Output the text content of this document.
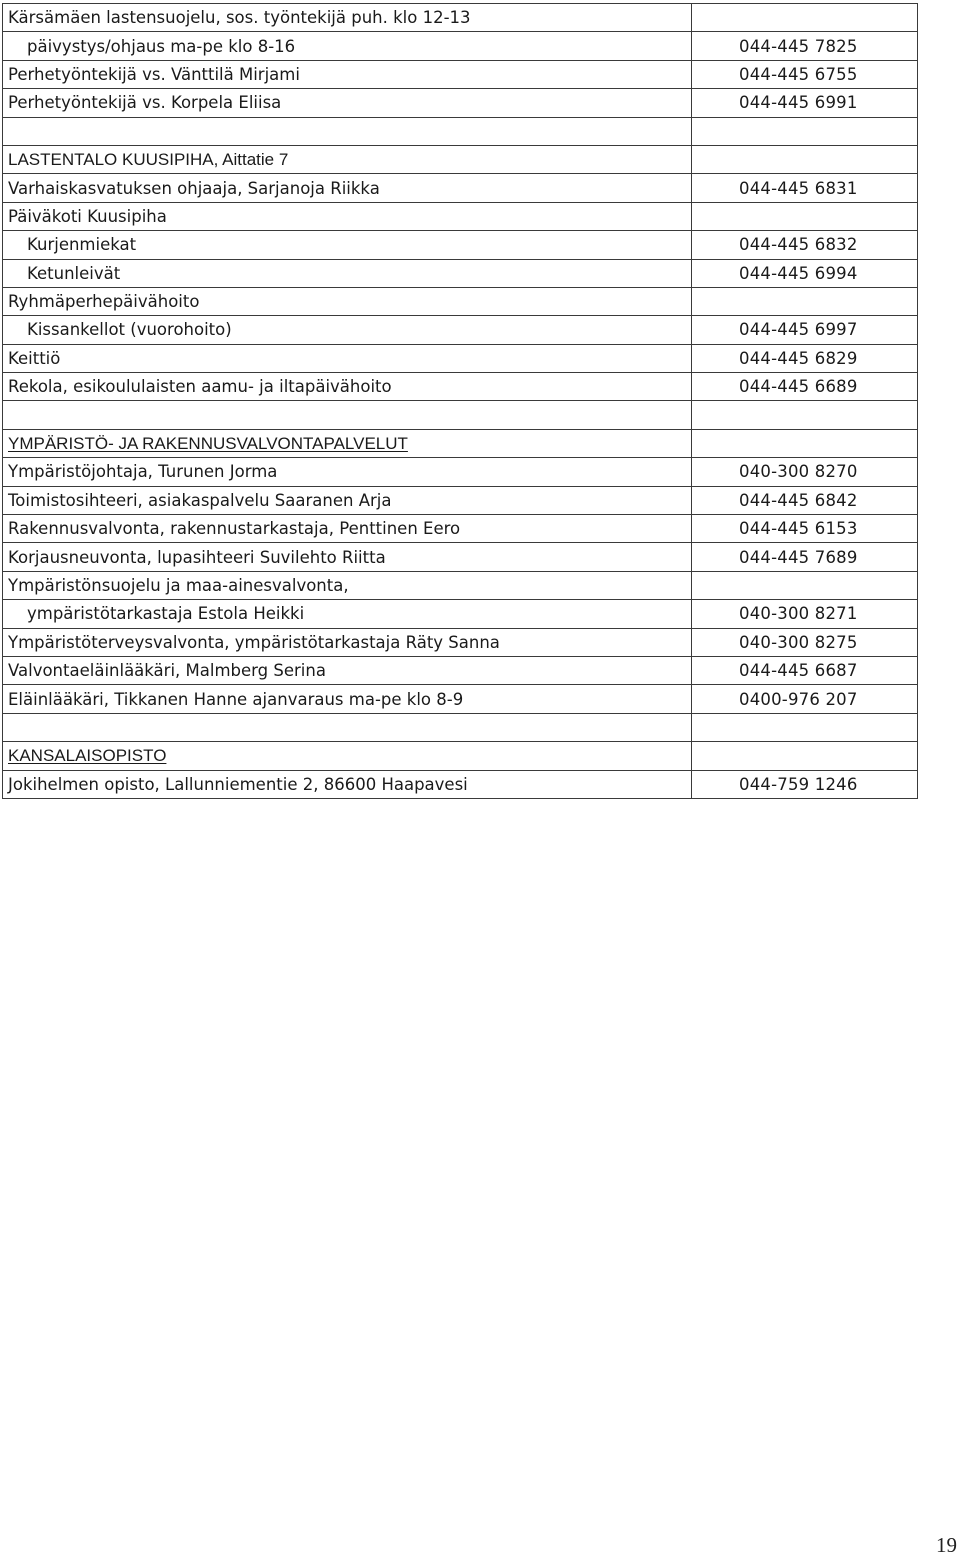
Kärsämäen lastensuojelu, sos. työntekijä puh. klo 12-13	
päivystys/ohjaus ma-pe klo 8-16	044-445 7825
Perhetyöntekijä vs. Vänttilä Mirjami	044-445 6755
Perhetyöntekijä vs. Korpela Eliisa	044-445 6991

LASTENTALO KUUSIPIHA, Aittatie 7	
Varhaiskasvatuksen ohjaaja, Sarjanoja Riikka	044-445 6831
Päiväkoti Kuusipiha	
Kurjenmiekat	044-445 6832
Ketunleivät	044-445 6994
Ryhmäperhepäivähoito	
Kissankellot (vuorohoito)	044-445 6997
Keittiö	044-445 6829
Rekola, esikoululaisten aamu- ja iltapäivähoito	044-445 6689

YMPÄRISTÖ- JA RAKENNUSVALVONTAPALVELUT	
Ympäristöjohtaja, Turunen Jorma	040-300 8270
Toimistosihteeri, asiakaspalvelu Saaranen Arja	044-445 6842
Rakennusvalvonta, rakennustarkastaja, Penttinen Eero	044-445 6153
Korjausneuvonta, lupasihteeri Suvilehto Riitta	044-445 7689
Ympäristönsuojelu ja maa-ainesvalvonta,	
ympäristötarkastaja Estola Heikki	040-300 8271
Ympäristöterveysvalvonta, ympäristötarkastaja Räty Sanna	040-300 8275
Valvontaeläinlääkäri, Malmberg Serina	044-445 6687
Eläinlääkäri, Tikkanen Hanne ajanvaraus ma-pe klo 8-9	0400-976 207

KANSALAISOPISTO	
Jokihelmen opisto, Lallunniementie 2, 86600 Haapavesi	044-759 1246
19
